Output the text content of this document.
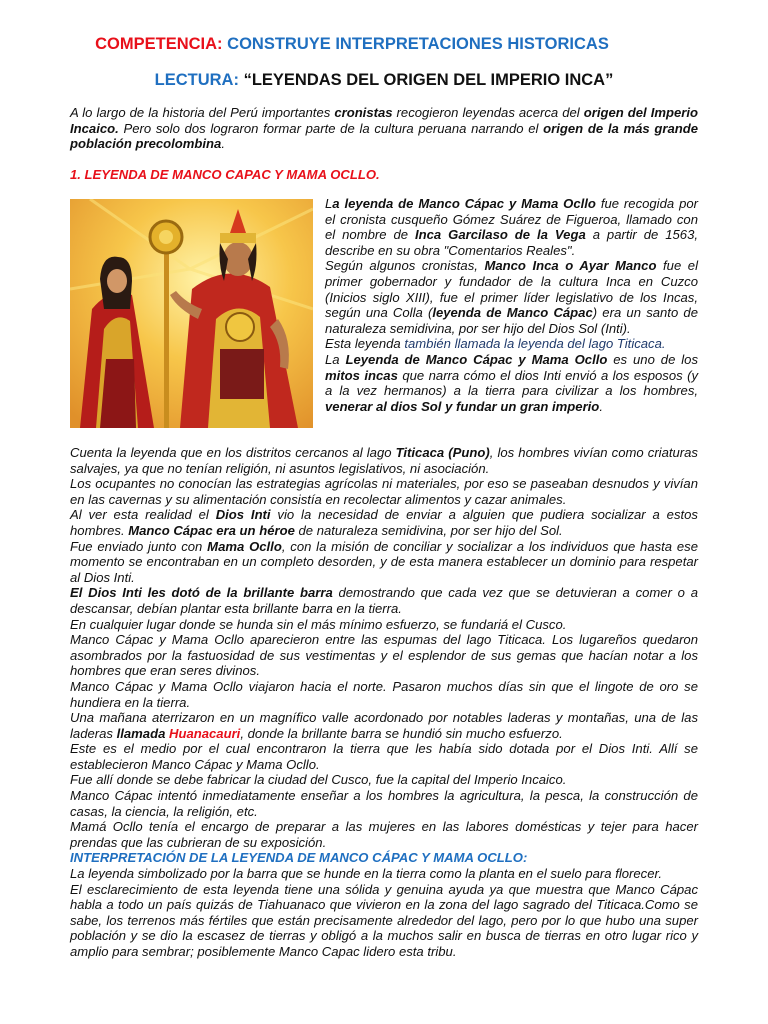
COMPETENCIA: CONSTRUYE INTERPRETACIONES HISTORICAS
LECTURA: “LEYENDAS DEL ORIGEN DEL IMPERIO INCA”
A lo largo de la historia del Perú importantes cronistas recogieron leyendas acerca del origen del Imperio Incaico. Pero solo dos lograron formar parte de la cultura peruana narrando el origen de la más grande población precolombina.
1. LEYENDA DE MANCO CAPAC Y MAMA OCLLO.

La leyenda de Manco Cápac y Mama Ocllo fue recogida por el cronista cusqueño Gómez Suárez de Figueroa, llamado con el nombre de Inca Garcilaso de la Vega a partir de 1563, describe en su obra "Comentarios Reales".

Según algunos cronistas, Manco Inca o Ayar Manco fue el primer gobernador y fundador de la cultura Inca en Cuzco (Inicios siglo XIII), fue el primer líder legislativo de los Incas, según una Colla (leyenda de Manco Cápac) era un santo de naturaleza semidivina, por ser hijo del Dios Sol (Inti).

Esta leyenda también llamada la leyenda del lago Titicaca.

La Leyenda de Manco Cápac y Mama Ocllo es uno de los mitos incas que narra cómo el dios Inti envió a los esposos (y a la vez hermanos) a la tierra para civilizar a los hombres, venerar al dios Sol y fundar un gran imperio.

Cuenta la leyenda que en los distritos cercanos al lago Titicaca (Puno), los hombres vivían como criaturas salvajes, ya que no tenían religión, ni asuntos legislativos, ni asociación.

Los ocupantes no conocían las estrategias agrícolas ni materiales, por eso se paseaban desnudos y vivían en las cavernas y su alimentación consistía en recolectar alimentos y cazar animales.

Al ver esta realidad el Dios Inti vio la necesidad de enviar a alguien que pudiera socializar a estos hombres. Manco Cápac era un héroe de naturaleza semidivina, por ser hijo del Sol.

Fue enviado junto con Mama Ocllo, con la misión de conciliar y socializar a los individuos que hasta ese momento se encontraban en un completo desorden, y de esta manera establecer un dominio para respetar al Dios Inti.

El Dios Inti les dotó de la brillante barra demostrando que cada vez que se detuvieran a comer o a descansar, debían plantar esta brillante barra en la tierra.

En cualquier lugar donde se hunda sin el más mínimo esfuerzo, se fundariá el Cusco.

Manco Cápac y Mama Ocllo aparecieron entre las espumas del lago Titicaca. Los lugareños quedaron asombrados por la fastuosidad de sus vestimentas y el esplendor de sus gemas que hacían notar a los hombres que eran seres divinos.

Manco Cápac y Mama Ocllo viajaron hacia el norte. Pasaron muchos días sin que el lingote de oro se hundiera en la tierra.

Una mañana aterrizaron en un magnífico valle acordonado por notables laderas y montañas, una de las laderas llamada Huanacauri, donde la brillante barra se hundió sin mucho esfuerzo.

Este es el medio por el cual encontraron la tierra que les había sido dotada por el Dios Inti. Allí se establecieron Manco Cápac y Mama Ocllo.

Fue allí donde se debe fabricar la ciudad del Cusco, fue la capital del Imperio Incaico.

Manco Cápac intentó inmediatamente enseñar a los hombres la agricultura, la pesca, la construcción de casas, la ciencia, la religión, etc.

Mamá Ocllo tenía el encargo de preparar a las mujeres en las labores domésticas y tejer para hacer prendas que las cubrieran de su exposición.

INTERPRETACIÓN DE LA LEYENDA DE MANCO CÁPAC Y MAMA OCLLO:

La leyenda simbolizado por la barra que se hunde en la tierra como la planta en el suelo para florecer.

El esclarecimiento de esta leyenda tiene una sólida y genuina ayuda ya que muestra que Manco Cápac habla a todo un país quizás de Tiahuanaco que vivieron en la zona del lago sagrado del Titicaca.Como se sabe, los terrenos más fértiles que están precisamente alrededor del lago, pero por lo que hubo una super población y se dio la escasez de tierras y obligó a la muchos salir en busca de tierras en otro lugar rico y amplio para sembrar; posiblemente Manco Capac lidero esta tribu.
